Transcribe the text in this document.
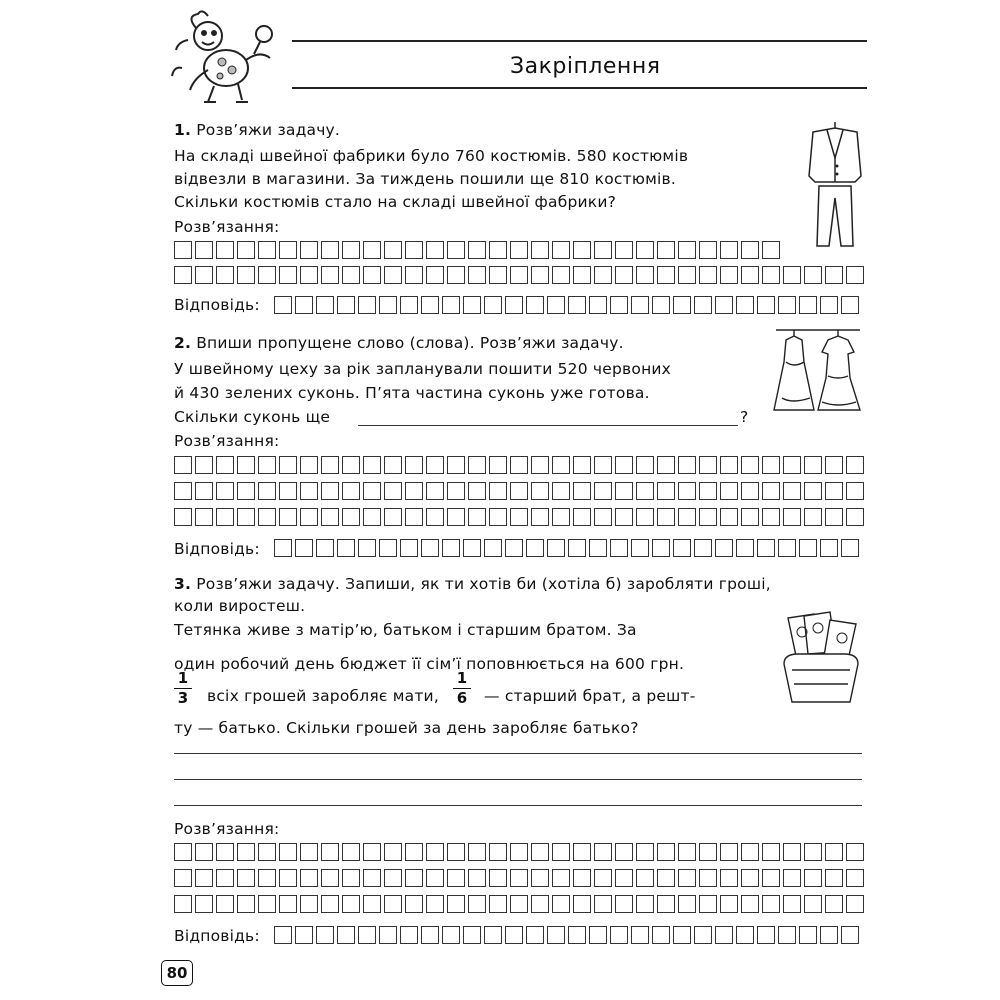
Закріплення
1. Розв’яжи задачу.
На складі швейної фабрики було 760 костюмів. 580 костюмів
відвезли в магазини. За тиждень пошили ще 810 костюмів.
Скільки костюмів стало на складі швейної фабрики?
Розв’язання:
Відповідь:
2. Впиши пропущене слово (слова). Розв’яжи задачу.
У швейному цеху за рік запланували пошити 520 червоних
й 430 зелених суконь. П’ята частина суконь уже готова.
Скільки суконь ще	?
Розв’язання:
Відповідь:
3. Розв’яжи задачу. Запиши, як ти хотів би (хотіла б) заробляти гроші,
коли виростеш.
Тетянка живе з матір’ю, батьком і старшим братом. За
один робочий день бюджет її сім’ї поповнюється на 600 грн.
1
3 всіх грошей заробляє мати,
1
6 — старший брат, а решт-
ту — батько. Скільки грошей за день заробляє батько?
Розв’язання:
Відповідь:
80
